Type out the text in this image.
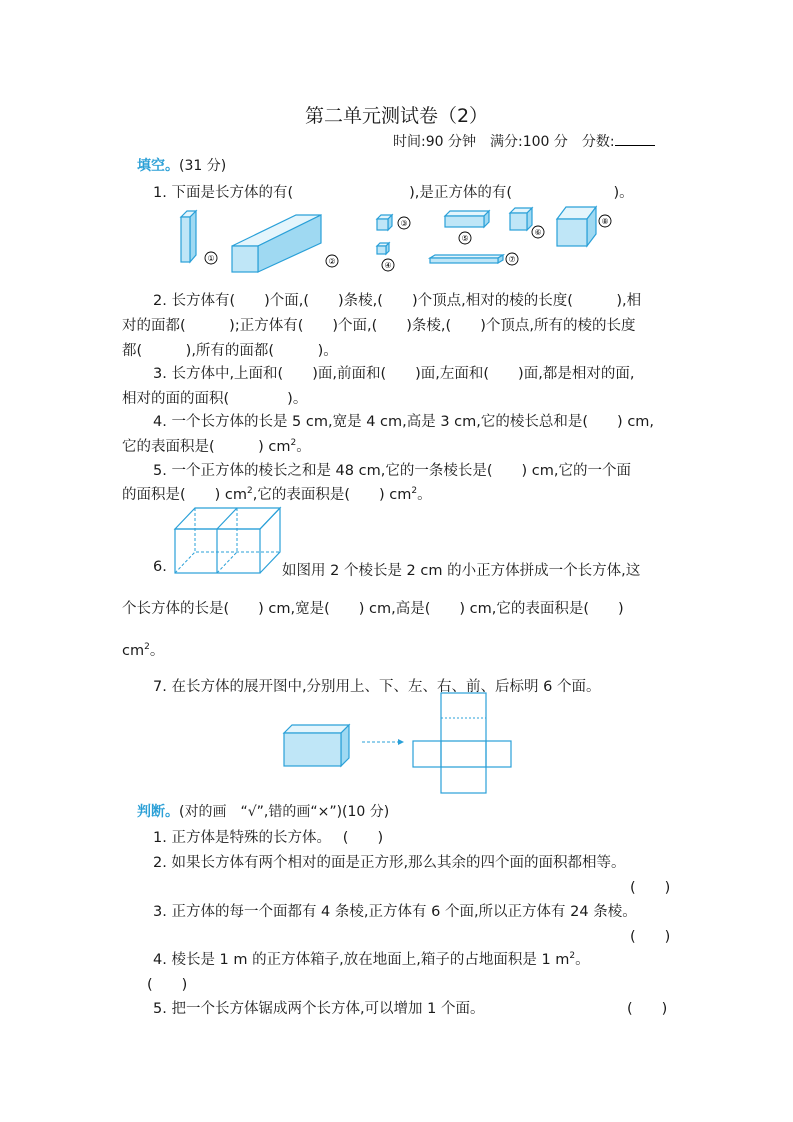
第二单元测试卷（2）
时间:90 分钟　满分:100 分　分数:
填空。(31 分)
1. 下面是长方体的有(　　　　　　　　),是正方体的有(　　　　　　　)。
①	②
③
④
⑤
⑥
⑦
⑧
2. 长方体有(　　)个面,(　　)条棱,(　　)个顶点,相对的棱的长度(　　　),相
对的面都(　　　);正方体有(　　)个面,(　　)条棱,(　　)个顶点,所有的棱的长度
都(　　　),所有的面都(　　　)。
3. 长方体中,上面和(　　)面,前面和(　　)面,左面和(　　)面,都是相对的面,
相对的面的面积(　　　　)。
4. 一个长方体的长是 5 cm,宽是 4 cm,高是 3 cm,它的棱长总和是(　　) cm,
它的表面积是(　　　) $cm^2$。
5. 一个正方体的棱长之和是 48 cm,它的一条棱长是(　　) cm,它的一个面
的面积是(　　) $cm^2$,它的表面积是(　　) $cm^2$。
6.	如图用 2 个棱长是 2 cm 的小正方体拼成一个长方体,这
个长方体的长是(　　) cm,宽是(　　) cm,高是(　　) cm,它的表面积是(　　)
$cm^2$。
7. 在长方体的展开图中,分别用上、下、左、右、前、后标明 6 个面。
判断。(对的画　“√”,错的画“×”)(10 分)
1. 正方体是特殊的长方体。　 (　　)
2. 如果长方体有两个相对的面是正方形,那么其余的四个面的面积都相等。
(　　)
3. 正方体的每一个面都有 4 条棱,正方体有 6 个面,所以正方体有 24 条棱。
(　　)
4. 棱长是 1 m 的正方体箱子,放在地面上,箱子的占地面积是 1 $m^2$。
(　　)
5. 把一个长方体锯成两个长方体,可以增加 1 个面。	(　　)
